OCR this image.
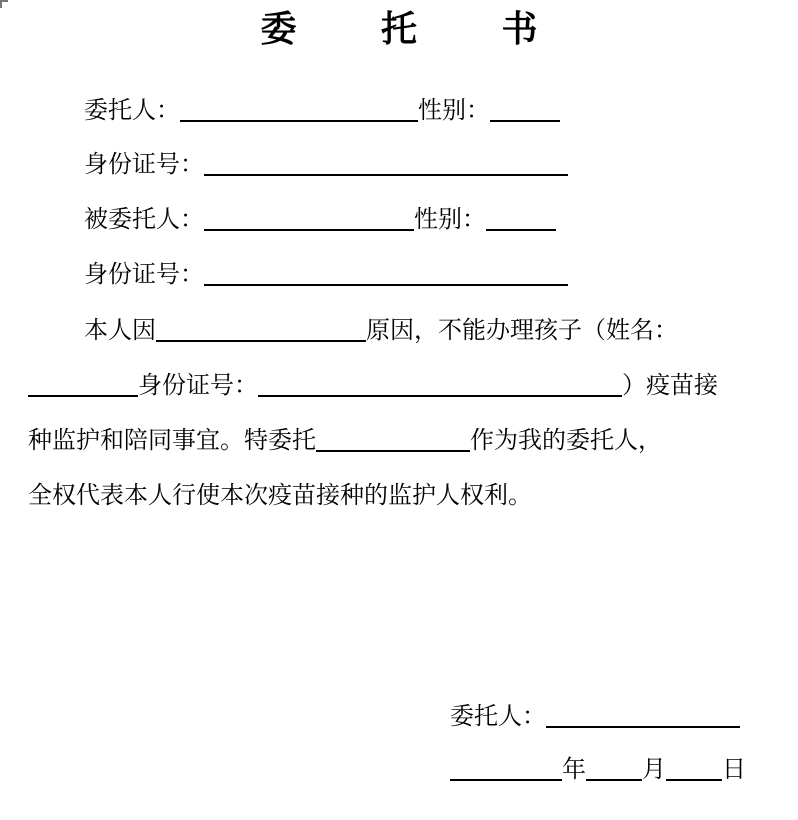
委 托 书
委托人：	性别：
身份证号：
被委托人：	性别：
身份证号：
本人因	原因，不能办理孩子（姓名：
身份证号：	）疫苗接
种监护和陪同事宜。特委托	作为我的委托人，
全权代表本人行使本次疫苗接种的监护人权利。
委托人：
年 月 日
